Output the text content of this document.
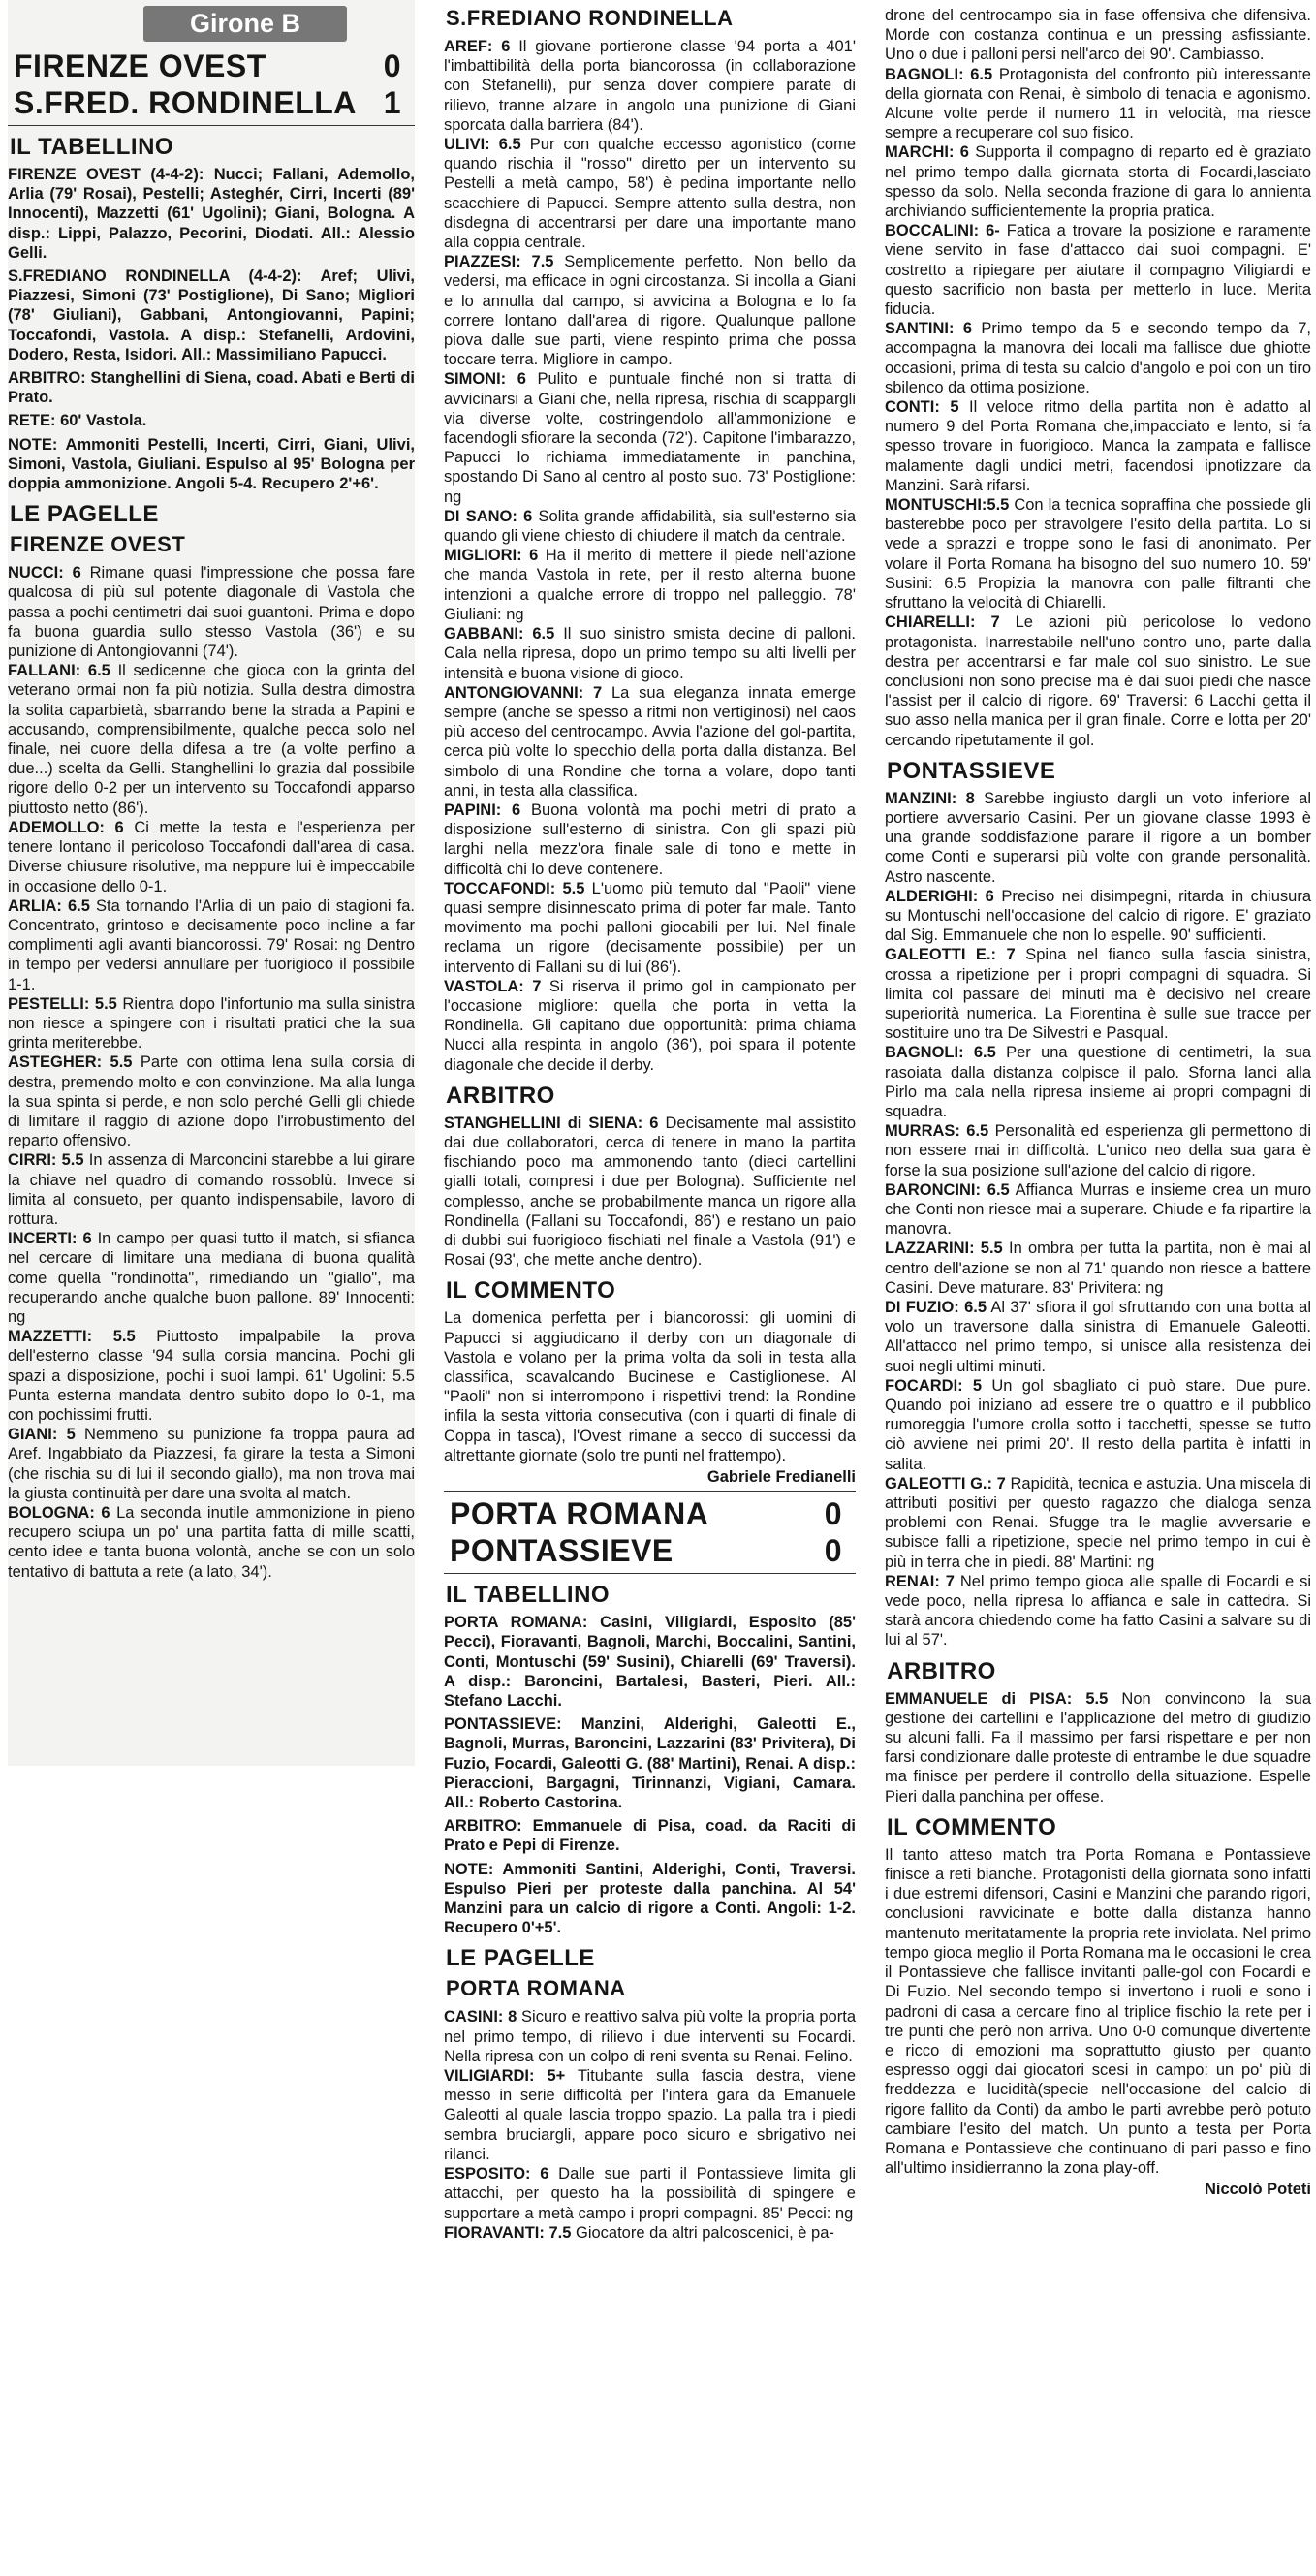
Girone B
FIRENZE OVEST	0
S.FRED. RONDINELLA 1
IL TABELLINO

FIRENZE OVEST (4-4-2): Nucci; Fallani, Ademollo, Arlia (79' Rosai), Pestelli; Asteghér, Cirri, Incerti (89' Innocenti), Mazzetti (61' Ugolini); Giani, Bologna. A disp.: Lippi, Palazzo, Pecorini, Diodati. All.: Alessio Gelli.

S.FREDIANO RONDINELLA (4-4-2): Aref; Ulivi, Piazzesi, Simoni (73' Postiglione), Di Sano; Migliori (78' Giuliani), Gabbani, Antongiovanni, Papini; Toccafondi, Vastola. A disp.: Stefanelli, Ardovini, Dodero, Resta, Isidori. All.: Massimiliano Papucci.

ARBITRO: Stanghellini di Siena, coad. Abati e Berti di Prato.

RETE: 60' Vastola.

NOTE: Ammoniti Pestelli, Incerti, Cirri, Giani, Ulivi, Simoni, Vastola, Giuliani. Espulso al 95' Bologna per doppia ammonizione. Angoli 5-4. Recupero 2'+6'.

LE PAGELLE
FIRENZE OVEST

NUCCI: 6 Rimane quasi l'impressione che possa fare qualcosa di più sul potente diagonale di Vastola che passa a pochi centimetri dai suoi guantoni. Prima e dopo fa buona guardia sullo stesso Vastola (36') e su punizione di Antongiovanni (74').

FALLANI: 6.5 Il sedicenne che gioca con la grinta del veterano ormai non fa più notizia. Sulla destra dimostra la solita caparbietà, sbarrando bene la strada a Papini e accusando, comprensibilmente, qualche pecca solo nel finale, nei cuore della difesa a tre (a volte perfino a due...) scelta da Gelli. Stanghellini lo grazia dal possibile rigore dello 0-2 per un intervento su Toccafondi apparso piuttosto netto (86').

ADEMOLLO: 6 Ci mette la testa e l'esperienza per tenere lontano il pericoloso Toccafondi dall'area di casa. Diverse chiusure risolutive, ma neppure lui è impeccabile in occasione dello 0-1.

ARLIA: 6.5 Sta tornando l'Arlia di un paio di stagioni fa. Concentrato, grintoso e decisamente poco incline a far complimenti agli avanti biancorossi. 79' Rosai: ng Dentro in tempo per vedersi annullare per fuorigioco il possibile 1-1.

PESTELLI: 5.5 Rientra dopo l'infortunio ma sulla sinistra non riesce a spingere con i risultati pratici che la sua grinta meriterebbe.

ASTEGHER: 5.5 Parte con ottima lena sulla corsia di destra, premendo molto e con convinzione. Ma alla lunga la sua spinta si perde, e non solo perché Gelli gli chiede di limitare il raggio di azione dopo l'irrobustimento del reparto offensivo.

CIRRI: 5.5 In assenza di Marconcini starebbe a lui girare la chiave nel quadro di comando rossoblù. Invece si limita al consueto, per quanto indispensabile, lavoro di rottura.

INCERTI: 6 In campo per quasi tutto il match, si sfianca nel cercare di limitare una mediana di buona qualità come quella "rondinotta", rimediando un "giallo", ma recuperando anche qualche buon pallone. 89' Innocenti: ng

MAZZETTI: 5.5 Piuttosto impalpabile la prova dell'esterno classe '94 sulla corsia mancina. Pochi gli spazi a disposizione, pochi i suoi lampi. 61' Ugolini: 5.5 Punta esterna mandata dentro subito dopo lo 0-1, ma con pochissimi frutti.

GIANI: 5 Nemmeno su punizione fa troppa paura ad Aref. Ingabbiato da Piazzesi, fa girare la testa a Simoni (che rischia su di lui il secondo giallo), ma non trova mai la giusta continuità per dare una svolta al match.

BOLOGNA: 6 La seconda inutile ammonizione in pieno recupero sciupa un po' una partita fatta di mille scatti, cento idee e tanta buona volontà, anche se con un solo tentativo di battuta a rete (a lato, 34').

S.FREDIANO RONDINELLA

AREF: 6 Il giovane portierone classe '94 porta a 401' l'imbattibilità della porta biancorossa (in collaborazione con Stefanelli), pur senza dover compiere parate di rilievo, tranne alzare in angolo una punizione di Giani sporcata dalla barriera (84').

ULIVI: 6.5 Pur con qualche eccesso agonistico (come quando rischia il "rosso" diretto per un intervento su Pestelli a metà campo, 58') è pedina importante nello scacchiere di Papucci. Sempre attento sulla destra, non disdegna di accentrarsi per dare una importante mano alla coppia centrale.

PIAZZESI: 7.5 Semplicemente perfetto. Non bello da vedersi, ma efficace in ogni circostanza. Si incolla a Giani e lo annulla dal campo, si avvicina a Bologna e lo fa correre lontano dall'area di rigore. Qualunque pallone piova dalle sue parti, viene respinto prima che possa toccare terra. Migliore in campo.

SIMONI: 6 Pulito e puntuale finché non si tratta di avvicinarsi a Giani che, nella ripresa, rischia di scappargli via diverse volte, costringendolo all'ammonizione e facendogli sfiorare la seconda (72'). Capitone l'imbarazzo, Papucci lo richiama immediatamente in panchina, spostando Di Sano al centro al posto suo. 73' Postiglione: ng

DI SANO: 6 Solita grande affidabilità, sia sull'esterno sia quando gli viene chiesto di chiudere il match da centrale.

MIGLIORI: 6 Ha il merito di mettere il piede nell'azione che manda Vastola in rete, per il resto alterna buone intenzioni a qualche errore di troppo nel palleggio. 78' Giuliani: ng

GABBANI: 6.5 Il suo sinistro smista decine di palloni. Cala nella ripresa, dopo un primo tempo su alti livelli per intensità e buona visione di gioco.

ANTONGIOVANNI: 7 La sua eleganza innata emerge sempre (anche se spesso a ritmi non vertiginosi) nel caos più acceso del centrocampo. Avvia l'azione del gol-partita, cerca più volte lo specchio della porta dalla distanza. Bel simbolo di una Rondine che torna a volare, dopo tanti anni, in testa alla classifica.

PAPINI: 6 Buona volontà ma pochi metri di prato a disposizione sull'esterno di sinistra. Con gli spazi più larghi nella mezz'ora finale sale di tono e mette in difficoltà chi lo deve contenere.

TOCCAFONDI: 5.5 L'uomo più temuto dal "Paoli" viene quasi sempre disinnescato prima di poter far male. Tanto movimento ma pochi palloni giocabili per lui. Nel finale reclama un rigore (decisamente possibile) per un intervento di Fallani su di lui (86').

VASTOLA: 7 Si riserva il primo gol in campionato per l'occasione migliore: quella che porta in vetta la Rondinella. Gli capitano due opportunità: prima chiama Nucci alla respinta in angolo (36'), poi spara il potente diagonale che decide il derby.

ARBITRO

STANGHELLINI di SIENA: 6 Decisamente mal assistito dai due collaboratori, cerca di tenere in mano la partita fischiando poco ma ammonendo tanto (dieci cartellini gialli totali, compresi i due per Bologna). Sufficiente nel complesso, anche se probabilmente manca un rigore alla Rondinella (Fallani su Toccafondi, 86') e restano un paio di dubbi sui fuorigioco fischiati nel finale a Vastola (91') e Rosai (93', che mette anche dentro).

IL COMMENTO

La domenica perfetta per i biancorossi: gli uomini di Papucci si aggiudicano il derby con un diagonale di Vastola e volano per la prima volta da soli in testa alla classifica, scavalcando Bucinese e Castiglionese. Al "Paoli" non si interrompono i rispettivi trend: la Rondine infila la sesta vittoria consecutiva (con i quarti di finale di Coppa in tasca), l'Ovest rimane a secco di successi da altrettante giornate (solo tre punti nel frattempo).

Gabriele Fredianelli
PORTA ROMANA	0
PONTASSIEVE	0
IL TABELLINO

PORTA ROMANA: Casini, Viligiardi, Esposito (85' Pecci), Fioravanti, Bagnoli, Marchi, Boccalini, Santini, Conti, Montuschi (59' Susini), Chiarelli (69' Traversi). A disp.: Baroncini, Bartalesi, Basteri, Pieri. All.: Stefano Lacchi.

PONTASSIEVE: Manzini, Alderighi, Galeotti E., Bagnoli, Murras, Baroncini, Lazzarini (83' Privitera), Di Fuzio, Focardi, Galeotti G. (88' Martini), Renai. A disp.: Pieraccioni, Bargagni, Tirinnanzi, Vigiani, Camara. All.: Roberto Castorina.

ARBITRO: Emmanuele di Pisa, coad. da Raciti di Prato e Pepi di Firenze.

NOTE: Ammoniti Santini, Alderighi, Conti, Traversi. Espulso Pieri per proteste dalla panchina. Al 54' Manzini para un calcio di rigore a Conti. Angoli: 1-2. Recupero 0'+5'.

LE PAGELLE
PORTA ROMANA

CASINI: 8 Sicuro e reattivo salva più volte la propria porta nel primo tempo, di rilievo i due interventi su Focardi. Nella ripresa con un colpo di reni sventa su Renai. Felino.

VILIGIARDI: 5+ Titubante sulla fascia destra, viene messo in serie difficoltà per l'intera gara da Emanuele Galeotti al quale lascia troppo spazio. La palla tra i piedi sembra bruciargli, appare poco sicuro e sbrigativo nei rilanci.

ESPOSITO: 6 Dalle sue parti il Pontassieve limita gli attacchi, per questo ha la possibilità di spingere e supportare a metà campo i propri compagni. 85' Pecci: ng

FIORAVANTI: 7.5 Giocatore da altri palcoscenici, è pa-

drone del centrocampo sia in fase offensiva che difensiva. Morde con costanza continua e un pressing asfissiante. Uno o due i palloni persi nell'arco dei 90'. Cambiasso.

BAGNOLI: 6.5 Protagonista del confronto più interessante della giornata con Renai, è simbolo di tenacia e agonismo. Alcune volte perde il numero 11 in velocità, ma riesce sempre a recuperare col suo fisico.

MARCHI: 6 Supporta il compagno di reparto ed è graziato nel primo tempo dalla giornata storta di Focardi,lasciato spesso da solo. Nella seconda frazione di gara lo annienta archiviando sufficientemente la propria pratica.

BOCCALINI: 6- Fatica a trovare la posizione e raramente viene servito in fase d'attacco dai suoi compagni. E' costretto a ripiegare per aiutare il compagno Viligiardi e questo sacrificio non basta per metterlo in luce. Merita fiducia.

SANTINI: 6 Primo tempo da 5 e secondo tempo da 7, accompagna la manovra dei locali ma fallisce due ghiotte occasioni, prima di testa su calcio d'angolo e poi con un tiro sbilenco da ottima posizione.

CONTI: 5 Il veloce ritmo della partita non è adatto al numero 9 del Porta Romana che,impacciato e lento, si fa spesso trovare in fuorigioco. Manca la zampata e fallisce malamente dagli undici metri, facendosi ipnotizzare da Manzini. Sarà rifarsi.

MONTUSCHI:5.5 Con la tecnica sopraffina che possiede gli basterebbe poco per stravolgere l'esito della partita. Lo si vede a sprazzi e troppe sono le fasi di anonimato. Per volare il Porta Romana ha bisogno del suo numero 10. 59' Susini: 6.5 Propizia la manovra con palle filtranti che sfruttano la velocità di Chiarelli.

CHIARELLI: 7 Le azioni più pericolose lo vedono protagonista. Inarrestabile nell'uno contro uno, parte dalla destra per accentrarsi e far male col suo sinistro. Le sue conclusioni non sono precise ma è dai suoi piedi che nasce l'assist per il calcio di rigore. 69' Traversi: 6 Lacchi getta il suo asso nella manica per il gran finale. Corre e lotta per 20' cercando ripetutamente il gol.

PONTASSIEVE

MANZINI: 8 Sarebbe ingiusto dargli un voto inferiore al portiere avversario Casini. Per un giovane classe 1993 è una grande soddisfazione parare il rigore a un bomber come Conti e superarsi più volte con grande personalità. Astro nascente.

ALDERIGHI: 6 Preciso nei disimpegni, ritarda in chiusura su Montuschi nell'occasione del calcio di rigore. E' graziato dal Sig. Emmanuele che non lo espelle. 90' sufficienti.

GALEOTTI E.: 7 Spina nel fianco sulla fascia sinistra, crossa a ripetizione per i propri compagni di squadra. Si limita col passare dei minuti ma è decisivo nel creare superiorità numerica. La Fiorentina è sulle sue tracce per sostituire uno tra De Silvestri e Pasqual.

BAGNOLI: 6.5 Per una questione di centimetri, la sua rasoiata dalla distanza colpisce il palo. Sforna lanci alla Pirlo ma cala nella ripresa insieme ai propri compagni di squadra.

MURRAS: 6.5 Personalità ed esperienza gli permettono di non essere mai in difficoltà. L'unico neo della sua gara è forse la sua posizione sull'azione del calcio di rigore.

BARONCINI: 6.5 Affianca Murras e insieme crea un muro che Conti non riesce mai a superare. Chiude e fa ripartire la manovra.

LAZZARINI: 5.5 In ombra per tutta la partita, non è mai al centro dell'azione se non al 71' quando non riesce a battere Casini. Deve maturare. 83' Privitera: ng

DI FUZIO: 6.5 Al 37' sfiora il gol sfruttando con una botta al volo un traversone dalla sinistra di Emanuele Galeotti. All'attacco nel primo tempo, si unisce alla resistenza dei suoi negli ultimi minuti.

FOCARDI: 5 Un gol sbagliato ci può stare. Due pure. Quando poi iniziano ad essere tre o quattro e il pubblico rumoreggia l'umore crolla sotto i tacchetti, spesse se tutto ciò avviene nei primi 20'. Il resto della partita è infatti in salita.

GALEOTTI G.: 7 Rapidità, tecnica e astuzia. Una miscela di attributi positivi per questo ragazzo che dialoga senza problemi con Renai. Sfugge tra le maglie avversarie e subisce falli a ripetizione, specie nel primo tempo in cui è più in terra che in piedi. 88' Martini: ng

RENAI: 7 Nel primo tempo gioca alle spalle di Focardi e si vede poco, nella ripresa lo affianca e sale in cattedra. Si starà ancora chiedendo come ha fatto Casini a salvare su di lui al 57'.

ARBITRO

EMMANUELE di PISA: 5.5 Non convincono la sua gestione dei cartellini e l'applicazione del metro di giudizio su alcuni falli. Fa il massimo per farsi rispettare e per non farsi condizionare dalle proteste di entrambe le due squadre ma finisce per perdere il controllo della situazione. Espelle Pieri dalla panchina per offese.

IL COMMENTO

Il tanto atteso match tra Porta Romana e Pontassieve finisce a reti bianche. Protagonisti della giornata sono infatti i due estremi difensori, Casini e Manzini che parando rigori, conclusioni ravvicinate e botte dalla distanza hanno mantenuto meritatamente la propria rete inviolata. Nel primo tempo gioca meglio il Porta Romana ma le occasioni le crea il Pontassieve che fallisce invitanti palle-gol con Focardi e Di Fuzio. Nel secondo tempo si invertono i ruoli e sono i padroni di casa a cercare fino al triplice fischio la rete per i tre punti che però non arriva. Uno 0-0 comunque divertente e ricco di emozioni ma soprattutto giusto per quanto espresso oggi dai giocatori scesi in campo: un po' più di freddezza e lucidità(specie nell'occasione del calcio di rigore fallito da Conti) da ambo le parti avrebbe però potuto cambiare l'esito del match. Un punto a testa per Porta Romana e Pontassieve che continuano di pari passo e fino all'ultimo insidierranno la zona play-off.

Niccolò Poteti
